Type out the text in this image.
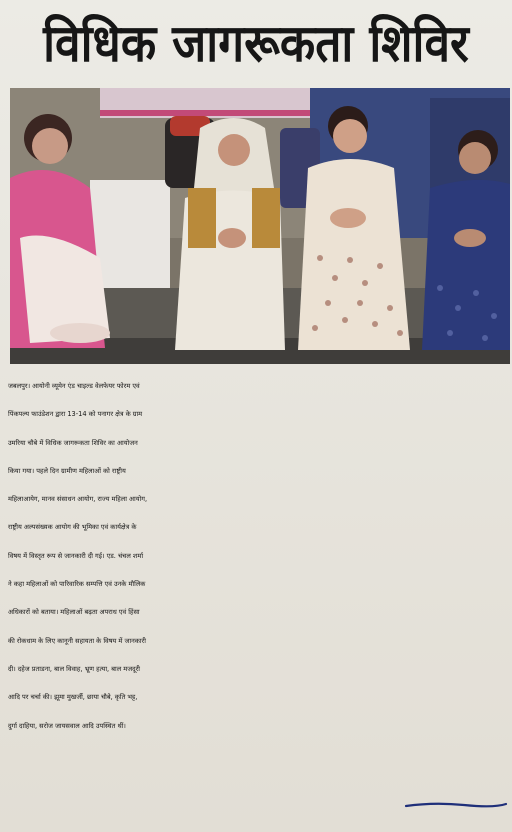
विधिक जागरूकता शिविर
जबलपुर। आयोनी व्यूमेन एंड चाइल्ड वेलफेयर फोरम एवं
पिंकपल्य फाउंडेशन द्वारा 13-14 को पनागर क्षेत्र के ग्राम
उमरिया चौबे में विधिक जागरूकता शिविर का आयोजन
किया गया। पहले दिन ग्रामीण महिलाओं को राष्ट्रीय
महिलाआयेग, मानव संसाधन आयोग, राज्य महिला आयोग,
राष्ट्रीय अल्पसंख्यक आयोग की भूमिका एवं कार्यक्षेत्र के
विषय में विस्तृत रूप से जानकारी दी गई। एड. चंचल शर्मा
ने कहा महिलाओं को पारिवारिक सम्पत्ति एवं उनके मौलिक
अधिकारों को बताया। महिलाओं बढ़ता अपराध एवं हिंसा
की रोकधाम के लिए कानूनी सहायता के विषय में जानकारी
दी। दहेज प्रताडना, बाल विवाह, भ्रूण हत्या, बाल मजदूरी
आदि पर चर्चा की। झूमा मुखर्जी, छाया चौबे, कृति भट्ट,
दुर्गा दाहिया, सरोज जायसवाल आदि उपस्थित थीं।
